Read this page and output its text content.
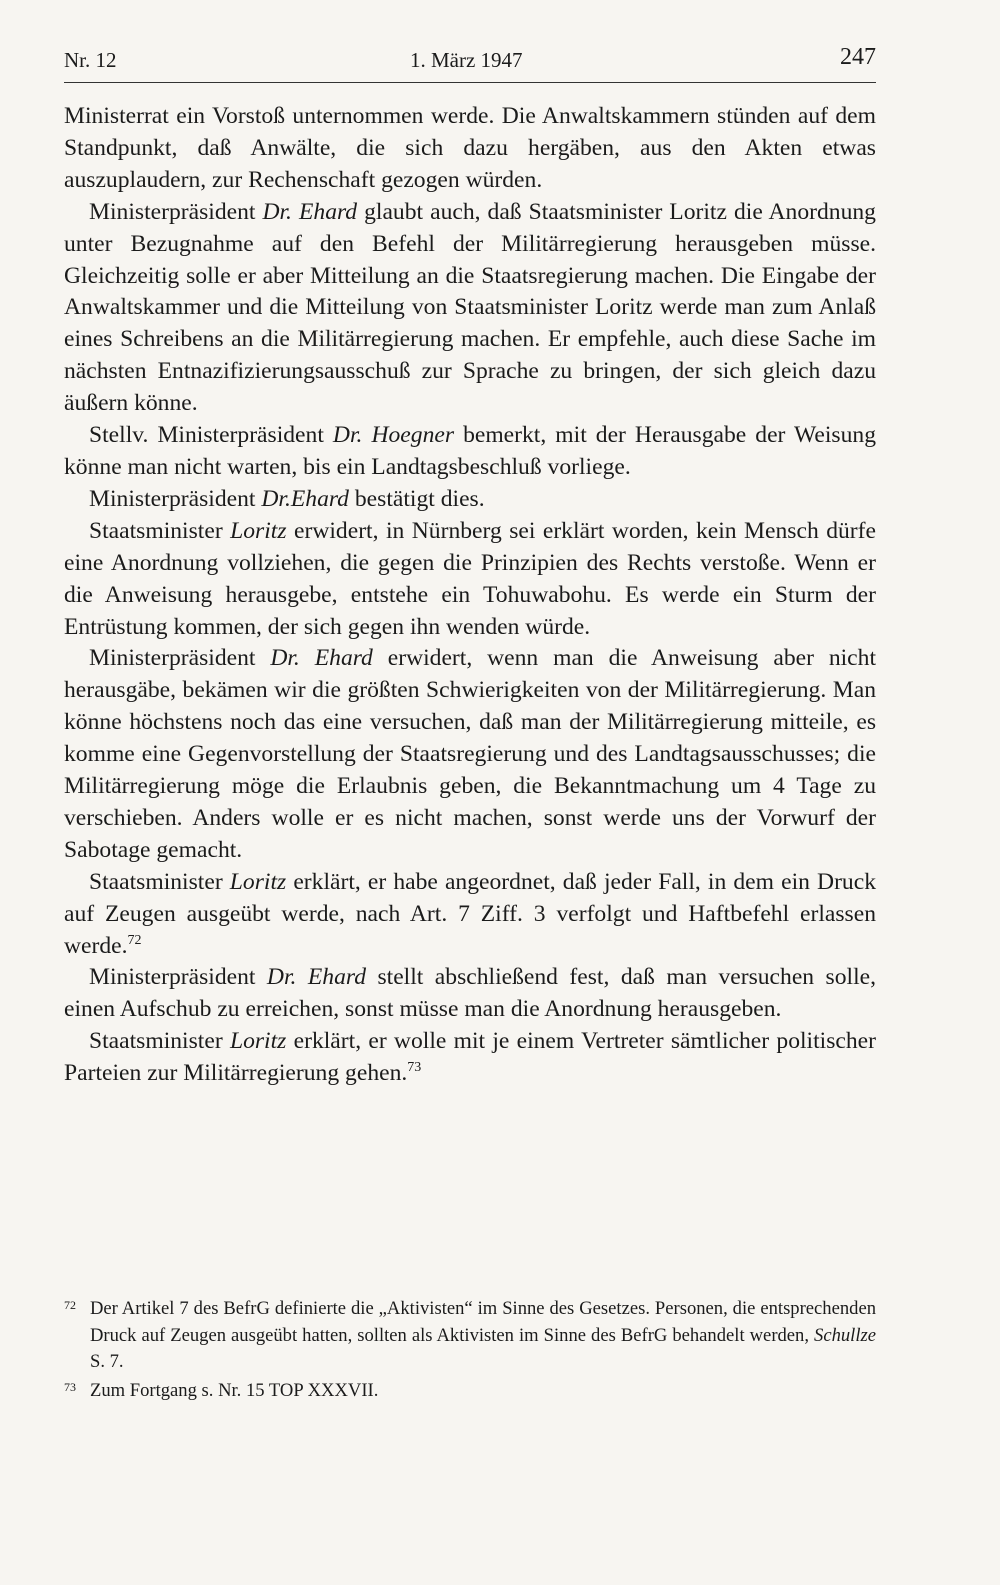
Nr. 12	1. März 1947	247

Ministerrat ein Vorstoß unternommen werde. Die Anwaltskammern stünden auf dem Standpunkt, daß Anwälte, die sich dazu hergäben, aus den Akten etwas auszuplaudern, zur Rechenschaft gezogen würden.

Ministerpräsident Dr. Ehard glaubt auch, daß Staatsminister Loritz die Anordnung unter Bezugnahme auf den Befehl der Militärregierung herausgeben müsse. Gleichzeitig solle er aber Mitteilung an die Staatsregierung machen. Die Eingabe der Anwaltskammer und die Mitteilung von Staatsminister Loritz werde man zum Anlaß eines Schreibens an die Militärregierung machen. Er empfehle, auch diese Sache im nächsten Entnazifizierungsausschuß zur Sprache zu bringen, der sich gleich dazu äußern könne.

Stellv. Ministerpräsident Dr. Hoegner bemerkt, mit der Herausgabe der Weisung könne man nicht warten, bis ein Landtagsbeschluß vorliege.

Ministerpräsident Dr.Ehard bestätigt dies.

Staatsminister Loritz erwidert, in Nürnberg sei erklärt worden, kein Mensch dürfe eine Anordnung vollziehen, die gegen die Prinzipien des Rechts verstoße. Wenn er die Anweisung herausgebe, entstehe ein Tohuwabohu. Es werde ein Sturm der Entrüstung kommen, der sich gegen ihn wenden würde.

Ministerpräsident Dr. Ehard erwidert, wenn man die Anweisung aber nicht herausgäbe, bekämen wir die größten Schwierigkeiten von der Militärregierung. Man könne höchstens noch das eine versuchen, daß man der Militärregierung mitteile, es komme eine Gegenvorstellung der Staatsregierung und des Landtagsausschusses; die Militärregierung möge die Erlaubnis geben, die Bekanntmachung um 4 Tage zu verschieben. Anders wolle er es nicht machen, sonst werde uns der Vorwurf der Sabotage gemacht.

Staatsminister Loritz erklärt, er habe angeordnet, daß jeder Fall, in dem ein Druck auf Zeugen ausgeübt werde, nach Art. 7 Ziff. 3 verfolgt und Haftbefehl erlassen werde.$^{72}$

Ministerpräsident Dr. Ehard stellt abschließend fest, daß man versuchen solle, einen Aufschub zu erreichen, sonst müsse man die Anordnung herausgeben.

Staatsminister Loritz erklärt, er wolle mit je einem Vertreter sämtlicher politischer Parteien zur Militärregierung gehen.$^{73}$

72 Der Artikel 7 des BefrG definierte die „Aktivisten“ im Sinne des Gesetzes. Personen, die entsprechenden Druck auf Zeugen ausgeübt hatten, sollten als Aktivisten im Sinne des BefrG behandelt werden, Schullze S. 7.
73 Zum Fortgang s. Nr. 15 TOP XXXVII.
